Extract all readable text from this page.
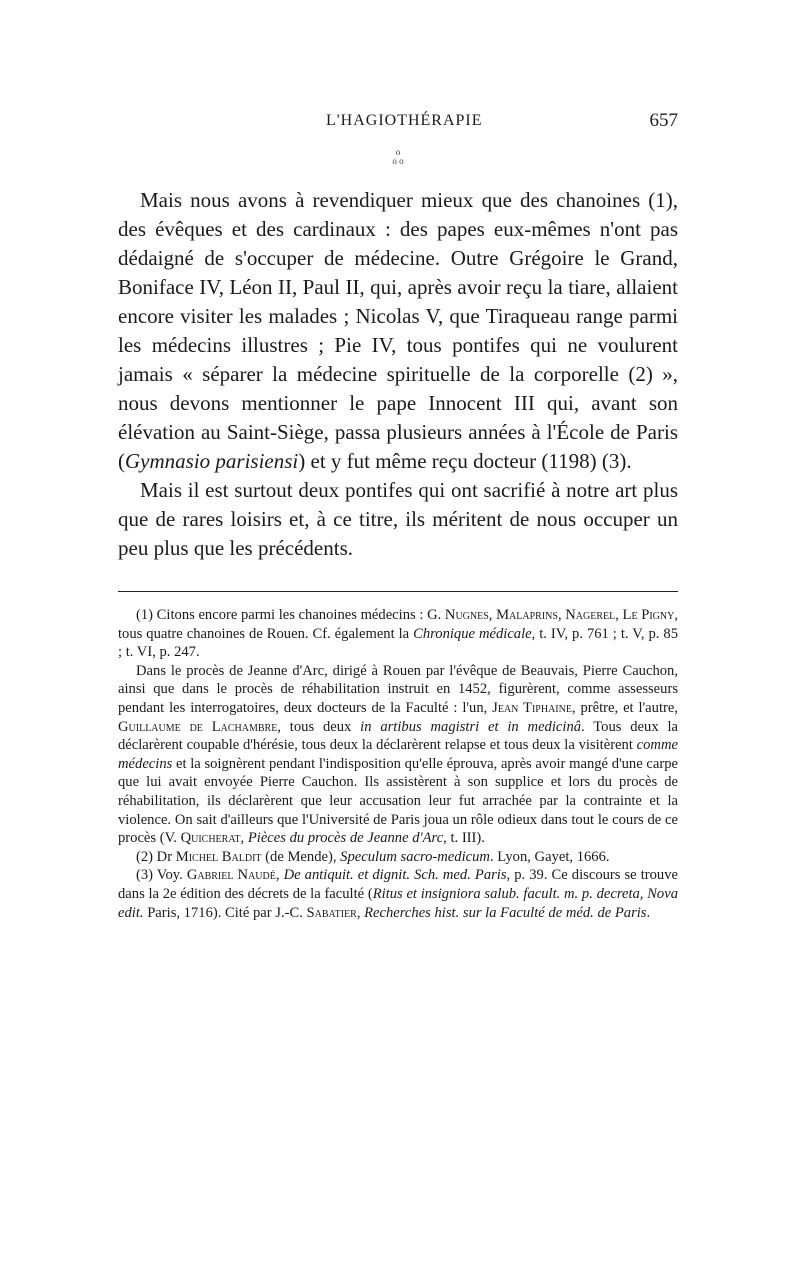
L'HAGIOTHÉRAPIE	657
o
o o

Mais nous avons à revendiquer mieux que des chanoines (1), des évêques et des cardinaux : des papes eux-mêmes n'ont pas dédaigné de s'occuper de médecine. Outre Grégoire le Grand, Boniface IV, Léon II, Paul II, qui, après avoir reçu la tiare, allaient encore visiter les malades ; Nicolas V, que Tiraqueau range parmi les médecins illustres ; Pie IV, tous pontifes qui ne voulurent jamais « séparer la médecine spirituelle de la corporelle (2) », nous devons mentionner le pape Innocent III qui, avant son élévation au Saint-Siège, passa plusieurs années à l'École de Paris (Gymnasio parisiensi) et y fut même reçu docteur (1198) (3).

Mais il est surtout deux pontifes qui ont sacrifié à notre art plus que de rares loisirs et, à ce titre, ils méritent de nous occuper un peu plus que les précédents.

(1) Citons encore parmi les chanoines médecins : G. Nugnes, Malaprins, Nagerel, Le Pigny, tous quatre chanoines de Rouen. Cf. également la Chronique médicale, t. IV, p. 761 ; t. V, p. 85 ; t. VI, p. 247.

Dans le procès de Jeanne d'Arc, dirigé à Rouen par l'évêque de Beauvais, Pierre Cauchon, ainsi que dans le procès de réhabilitation instruit en 1452, figurèrent, comme assesseurs pendant les interrogatoires, deux docteurs de la Faculté : l'un, Jean Tiphaine, prêtre, et l'autre, Guillaume de Lachambre, tous deux in artibus magistri et in medicinâ. Tous deux la déclarèrent coupable d'hérésie, tous deux la déclarèrent relapse et tous deux la visitèrent comme médecins et la soignèrent pendant l'indisposition qu'elle éprouva, après avoir mangé d'une carpe que lui avait envoyée Pierre Cauchon. Ils assistèrent à son supplice et lors du procès de réhabilitation, ils déclarèrent que leur accusation leur fut arrachée par la contrainte et la violence. On sait d'ailleurs que l'Université de Paris joua un rôle odieux dans tout le cours de ce procès (V. Quicherat, Pièces du procès de Jeanne d'Arc, t. III).

(2) Dr Michel Baldit (de Mende), Speculum sacro-medicum. Lyon, Gayet, 1666.

(3) Voy. Gabriel Naudé, De antiquit. et dignit. Sch. med. Paris, p. 39. Ce discours se trouve dans la 2e édition des décrets de la faculté (Ritus et insigniora salub. facult. m. p. decreta, Nova edit. Paris, 1716). Cité par J.-C. Sabatier, Recherches hist. sur la Faculté de méd. de Paris.
